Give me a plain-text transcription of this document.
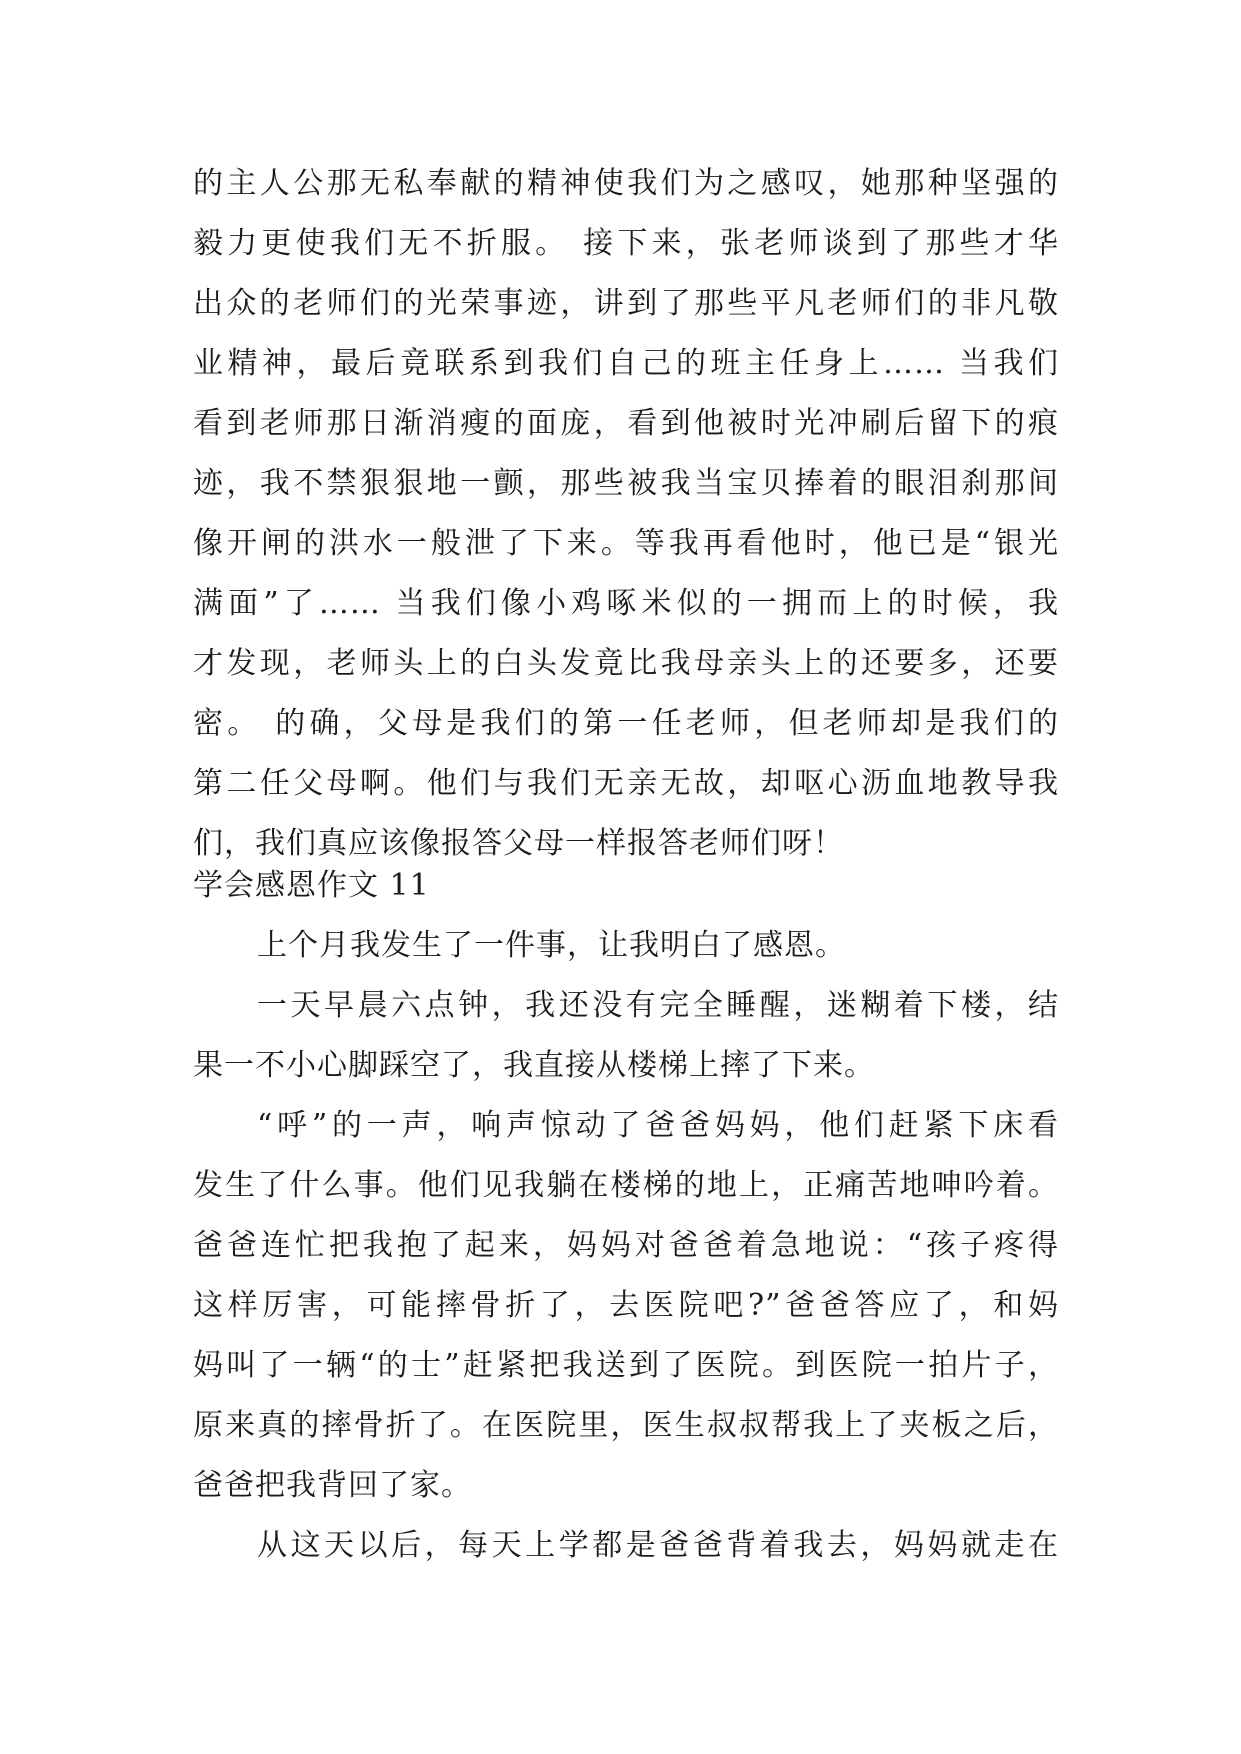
的主人公那无私奉献的精神使我们为之感叹，她那种坚强的
毅力更使我们无不折服。 接下来，张老师谈到了那些才华
出众的老师们的光荣事迹，讲到了那些平凡老师们的非凡敬
业精神，最后竟联系到我们自己的班主任身上…… 当我们
看到老师那日渐消瘦的面庞，看到他被时光冲刷后留下的痕
迹，我不禁狠狠地一颤，那些被我当宝贝捧着的眼泪刹那间
像开闸的洪水一般泄了下来。等我再看他时，他已是“银光
满面”了…… 当我们像小鸡啄米似的一拥而上的时候，我
才发现，老师头上的白头发竟比我母亲头上的还要多，还要
密。 的确，父母是我们的第一任老师，但老师却是我们的
第二任父母啊。他们与我们无亲无故，却呕心沥血地教导我
们，我们真应该像报答父母一样报答老师们呀！
学会感恩作文 11
上个月我发生了一件事，让我明白了感恩。
一天早晨六点钟，我还没有完全睡醒，迷糊着下楼，结
果一不小心脚踩空了，我直接从楼梯上摔了下来。
“呼”的一声，响声惊动了爸爸妈妈，他们赶紧下床看
发生了什么事。他们见我躺在楼梯的地上，正痛苦地呻吟着。
爸爸连忙把我抱了起来，妈妈对爸爸着急地说：“孩子疼得
这样厉害，可能摔骨折了，去医院吧?”爸爸答应了，和妈
妈叫了一辆“的士”赶紧把我送到了医院。到医院一拍片子，
原来真的摔骨折了。在医院里，医生叔叔帮我上了夹板之后，
爸爸把我背回了家。
从这天以后，每天上学都是爸爸背着我去，妈妈就走在
